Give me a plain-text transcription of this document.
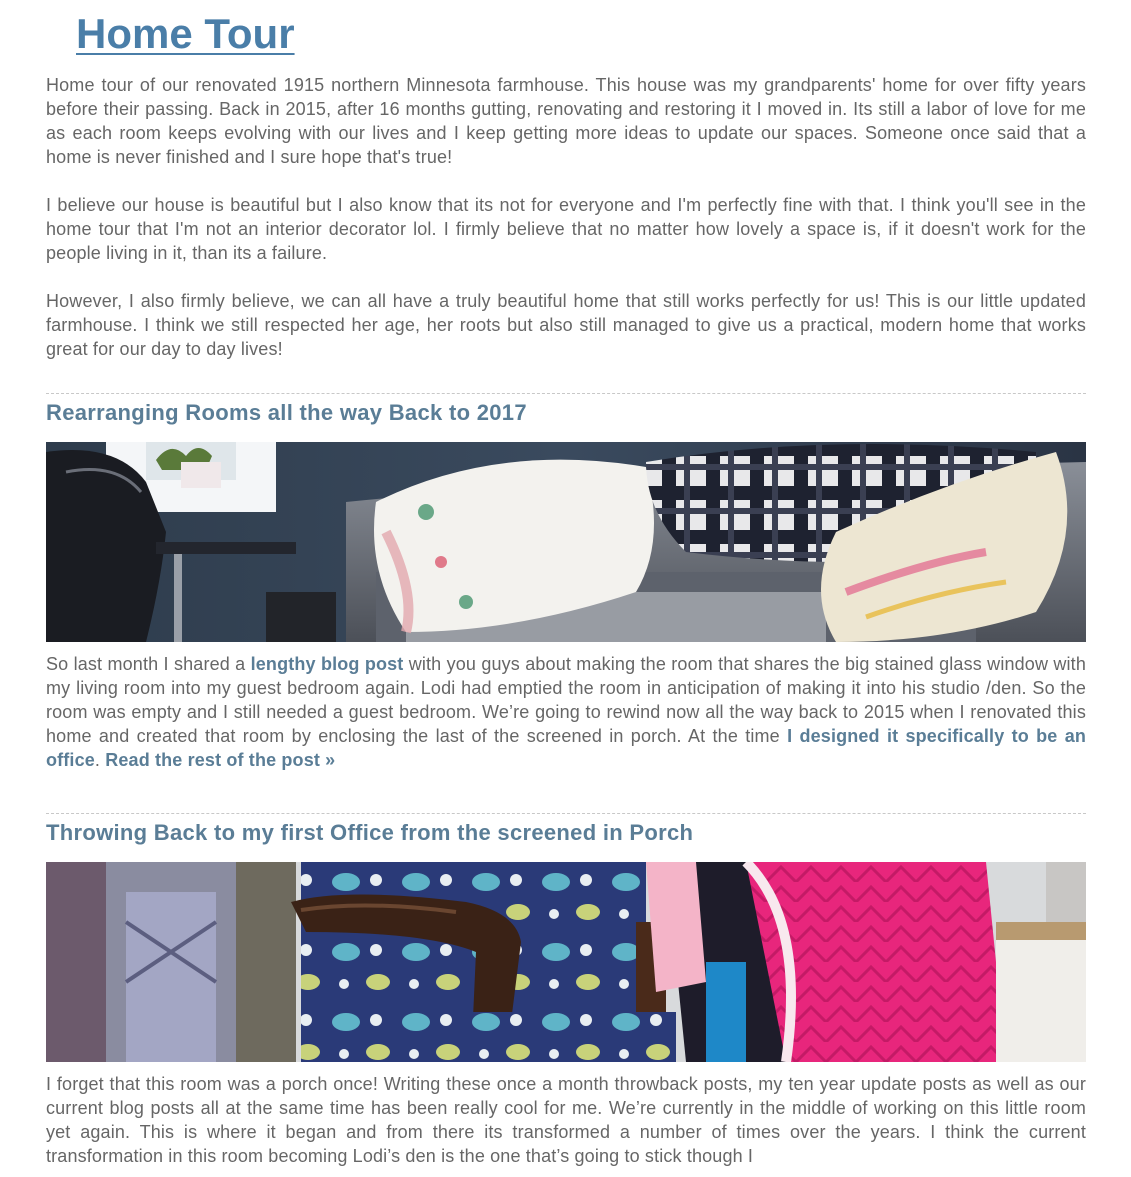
Home Tour

Home tour of our renovated 1915 northern Minnesota farmhouse. This house was my grandparents' home for over fifty years before their passing. Back in 2015, after 16 months gutting, renovating and restoring it I moved in. Its still a labor of love for me as each room keeps evolving with our lives and I keep getting more ideas to update our spaces. Someone once said that a home is never finished and I sure hope that's true!

I believe our house is beautiful but I also know that its not for everyone and I'm perfectly fine with that. I think you'll see in the home tour that I'm not an interior decorator lol. I firmly believe that no matter how lovely a space is, if it doesn't work for the people living in it, than its a failure.

However, I also firmly believe, we can all have a truly beautiful home that still works perfectly for us! This is our little updated farmhouse. I think we still respected her age, her roots but also still managed to give us a practical, modern home that works great for our day to day lives!

Rearranging Rooms all the way Back to 2017

So last month I shared a lengthy blog post with you guys about making the room that shares the big stained glass window with my living room into my guest bedroom again. Lodi had emptied the room in anticipation of making it into his studio /den. So the room was empty and I still needed a guest bedroom. We’re going to rewind now all the way back to 2015 when I renovated this home and created that room by enclosing the last of the screened in porch. At the time I designed it specifically to be an office. Read the rest of the post »

Throwing Back to my first Office from the screened in Porch

I forget that this room was a porch once! Writing these once a month throwback posts, my ten year update posts as well as our current blog posts all at the same time has been really cool for me. We’re currently in the middle of working on this little room yet again. This is where it began and from there its transformed a number of times over the years. I think the current transformation in this room becoming Lodi’s den is the one that’s going to stick though I
